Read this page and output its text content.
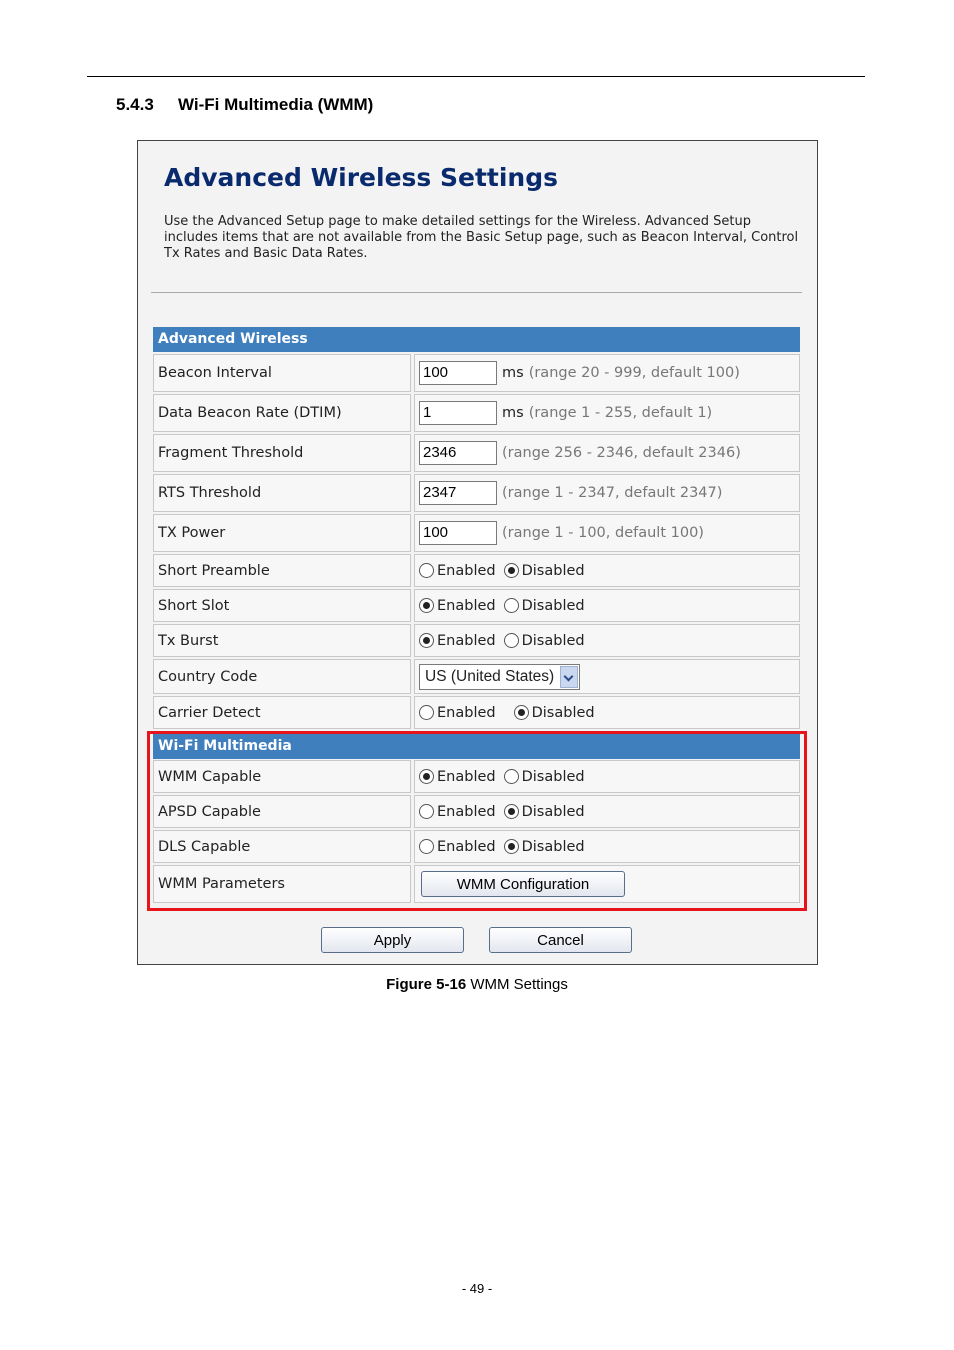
5.4.3 Wi-Fi Multimedia (WMM)
Advanced Wireless Settings
Use the Advanced Setup page to make detailed settings for the Wireless. Advanced Setup includes items that are not available from the Basic Setup page, such as Beacon Interval, Control Tx Rates and Basic Data Rates.
Advanced Wireless
Beacon Interval	100	ms (range 20 - 999, default 100)
Data Beacon Rate (DTIM)	1	ms (range 1 - 255, default 1)
Fragment Threshold	2346	(range 256 - 2346, default 2346)
RTS Threshold	2347	(range 1 - 2347, default 2347)
TX Power	100	(range 1 - 100, default 100)
Short Preamble	Enabled Disabled
Short Slot	Enabled Disabled
Tx Burst	Enabled Disabled
Country Code	US (United States)
Carrier Detect	Enabled Disabled
Wi-Fi Multimedia
WMM Capable	Enabled Disabled
APSD Capable	Enabled Disabled
DLS Capable	Enabled Disabled
WMM Parameters	WMM Configuration
Apply	Cancel
Figure 5-16 WMM Settings
- 49 -
